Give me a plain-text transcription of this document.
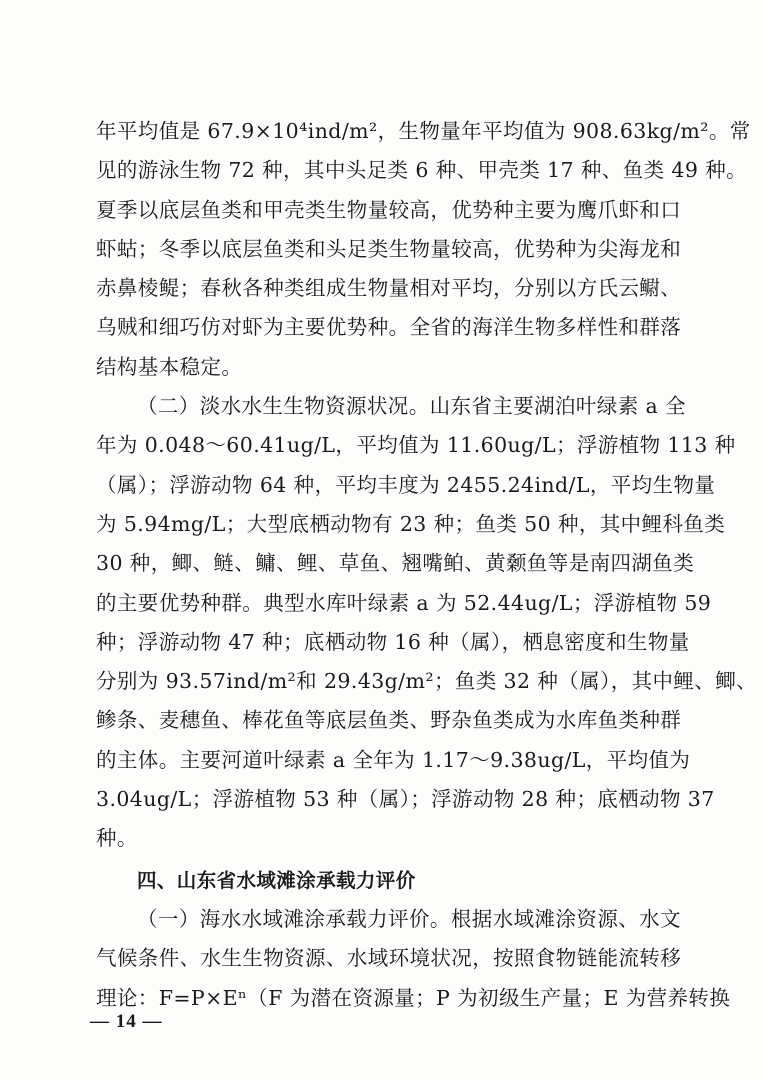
年平均值是 67.9×10⁴ind/m²，生物量年平均值为 908.63kg/m²。常
见的游泳生物 72 种，其中头足类 6 种、甲壳类 17 种、鱼类 49 种。
夏季以底层鱼类和甲壳类生物量较高，优势种主要为鹰爪虾和口
虾蛄；冬季以底层鱼类和头足类生物量较高，优势种为尖海龙和
赤鼻棱鳀；春秋各种类组成生物量相对平均，分别以方氏云鳚、
乌贼和细巧仿对虾为主要优势种。全省的海洋生物多样性和群落
结构基本稳定。
（二）淡水水生生物资源状况。山东省主要湖泊叶绿素 a 全
年为 0.048～60.41ug/L，平均值为 11.60ug/L；浮游植物 113 种
（属）；浮游动物 64 种，平均丰度为 2455.24ind/L，平均生物量
为 5.94mg/L；大型底栖动物有 23 种；鱼类 50 种，其中鲤科鱼类
30 种，鲫、鲢、鳙、鲤、草鱼、翘嘴鲌、黄颡鱼等是南四湖鱼类
的主要优势种群。典型水库叶绿素 a 为 52.44ug/L；浮游植物 59
种；浮游动物 47 种；底栖动物 16 种（属），栖息密度和生物量
分别为 93.57ind/m²和 29.43g/m²；鱼类 32 种（属），其中鲤、鲫、
鲹条、麦穗鱼、棒花鱼等底层鱼类、野杂鱼类成为水库鱼类种群
的主体。主要河道叶绿素 a 全年为 1.17～9.38ug/L，平均值为
3.04ug/L；浮游植物 53 种（属）；浮游动物 28 种；底栖动物 37
种。
四、山东省水域滩涂承载力评价
（一）海水水域滩涂承载力评价。根据水域滩涂资源、水文
气候条件、水生生物资源、水域环境状况，按照食物链能流转移
理论：F=P×Eⁿ（F 为潜在资源量；P 为初级生产量；E 为营养转换
— 14 —
